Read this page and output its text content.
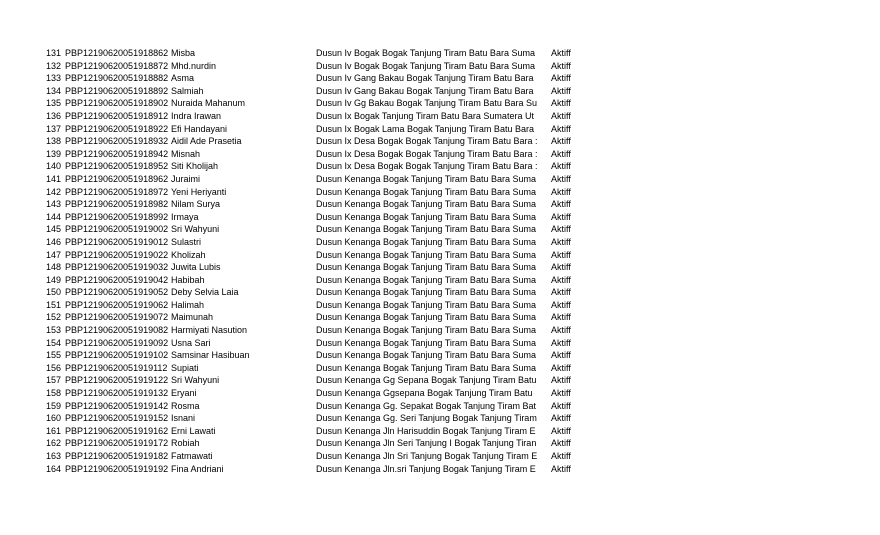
131 PBP12190620051918862 Misba	Dusun Iv Bogak Bogak Tanjung Tiram Batu Bara Suma	Aktiff
132 PBP12190620051918872 Mhd.nurdin	Dusun Iv Bogak Bogak Tanjung Tiram Batu Bara Suma	Aktiff
133 PBP12190620051918882 Asma	Dusun Iv Gang Bakau Bogak Tanjung Tiram Batu Bara	Aktiff
134 PBP12190620051918892 Salmiah	Dusun Iv Gang Bakau Bogak Tanjung Tiram Batu Bara	Aktiff
135 PBP12190620051918902 Nuraida Mahanum	Dusun Iv Gg Bakau Bogak Tanjung Tiram Batu Bara Su	Aktiff
136 PBP12190620051918912 Indra Irawan	Dusun Ix Bogak Tanjung Tiram Batu Bara Sumatera Ut	Aktiff
137 PBP12190620051918922 Efi Handayani	Dusun Ix Bogak Lama Bogak Tanjung Tiram Batu Bara	Aktiff
138 PBP12190620051918932 Aidil Ade Prasetia	Dusun Ix Desa Bogak Bogak Tanjung Tiram Batu Bara :	Aktiff
139 PBP12190620051918942 Misnah	Dusun Ix Desa Bogak Bogak Tanjung Tiram Batu Bara :	Aktiff
140 PBP12190620051918952 Siti Kholijah	Dusun Ix Desa Bogak Bogak Tanjung Tiram Batu Bara :	Aktiff
141 PBP12190620051918962 Juraimi	Dusun Kenanga Bogak Tanjung Tiram Batu Bara Suma	Aktiff
142 PBP12190620051918972 Yeni Heriyanti	Dusun Kenanga Bogak Tanjung Tiram Batu Bara Suma	Aktiff
143 PBP12190620051918982 Nilam Surya	Dusun Kenanga Bogak Tanjung Tiram Batu Bara Suma	Aktiff
144 PBP12190620051918992 Irmaya	Dusun Kenanga Bogak Tanjung Tiram Batu Bara Suma	Aktiff
145 PBP12190620051919002 Sri Wahyuni	Dusun Kenanga Bogak Tanjung Tiram Batu Bara Suma	Aktiff
146 PBP12190620051919012 Sulastri	Dusun Kenanga Bogak Tanjung Tiram Batu Bara Suma	Aktiff
147 PBP12190620051919022 Kholizah	Dusun Kenanga Bogak Tanjung Tiram Batu Bara Suma	Aktiff
148 PBP12190620051919032 Juwita Lubis	Dusun Kenanga Bogak Tanjung Tiram Batu Bara Suma	Aktiff
149 PBP12190620051919042 Habibah	Dusun Kenanga Bogak Tanjung Tiram Batu Bara Suma	Aktiff
150 PBP12190620051919052 Deby Selvia Laia	Dusun Kenanga Bogak Tanjung Tiram Batu Bara Suma	Aktiff
151 PBP12190620051919062 Halimah	Dusun Kenanga Bogak Tanjung Tiram Batu Bara Suma	Aktiff
152 PBP12190620051919072 Maimunah	Dusun Kenanga Bogak Tanjung Tiram Batu Bara Suma	Aktiff
153 PBP12190620051919082 Harmiyati Nasution	Dusun Kenanga Bogak Tanjung Tiram Batu Bara Suma	Aktiff
154 PBP12190620051919092 Usna Sari	Dusun Kenanga Bogak Tanjung Tiram Batu Bara Suma	Aktiff
155 PBP12190620051919102 Samsinar Hasibuan	Dusun Kenanga Bogak Tanjung Tiram Batu Bara Suma	Aktiff
156 PBP12190620051919112 Supiati	Dusun Kenanga Bogak Tanjung Tiram Batu Bara Suma	Aktiff
157 PBP12190620051919122 Sri Wahyuni	Dusun Kenanga Gg Sepana Bogak Tanjung Tiram Batu	Aktiff
158 PBP12190620051919132 Eryani	Dusun Kenanga Ggsepana Bogak Tanjung Tiram Batu	Aktiff
159 PBP12190620051919142 Rosma	Dusun Kenanga Gg. Sepakat Bogak Tanjung Tiram Bat	Aktiff
160 PBP12190620051919152 Isnani	Dusun Kenanga Gg. Seri Tanjung Bogak Tanjung Tiram	Aktiff
161 PBP12190620051919162 Erni Lawati	Dusun Kenanga Jln Harisuddin Bogak Tanjung Tiram E	Aktiff
162 PBP12190620051919172 Robiah	Dusun Kenanga Jln Seri Tanjung I Bogak Tanjung Tiran	Aktiff
163 PBP12190620051919182 Fatmawati	Dusun Kenanga Jln Sri Tanjung Bogak Tanjung Tiram E	Aktiff
164 PBP12190620051919192 Fina Andriani	Dusun Kenanga Jln.sri Tanjung Bogak Tanjung Tiram E	Aktiff
